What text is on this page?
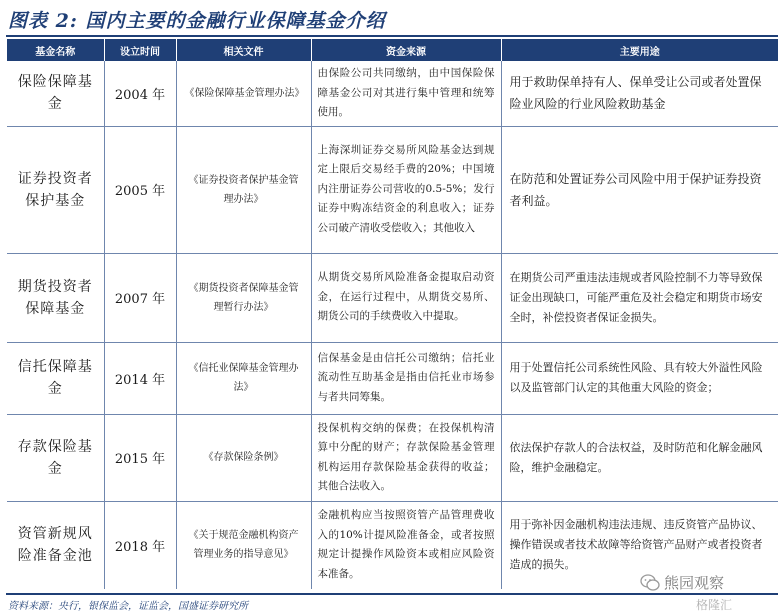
图表 2: 国内主要的金融行业保障基金介绍
基金名称	设立时间	相关文件	资金来源	主要用途
保险保障基金	2004 年	《保险保障基金管理办法》	由保险公司共同缴纳，由中国保险保障基金公司对其进行集中管理和统筹使用。	用于救助保单持有人、保单受让公司或者处置保险业风险的行业风险救助基金
证券投资者保护基金	2005 年	《证券投资者保护基金管理办法》	上海深圳证券交易所风险基金达到规定上限后交易经手费的20%；中国境内注册证券公司营收的0.5-5%；发行证券中购冻结资金的利息收入；证券公司破产清收受偿收入；其他收入	在防范和处置证券公司风险中用于保护证券投资者利益。
期货投资者保障基金	2007 年	《期货投资者保障基金管理暂行办法》	从期货交易所风险准备金提取启动资金，在运行过程中，从期货交易所、期货公司的手续费收入中提取。	在期货公司严重违法违规或者风险控制不力等导致保证金出现缺口，可能严重危及社会稳定和期货市场安全时，补偿投资者保证金损失。
信托保障基金	2014 年	《信托业保障基金管理办法》	信保基金是由信托公司缴纳；信托业流动性互助基金是指由信托业市场参与者共同筹集。	用于处置信托公司系统性风险、具有较大外溢性风险以及监管部门认定的其他重大风险的资金；
存款保险基金	2015 年	《存款保险条例》	投保机构交纳的保费；在投保机构清算中分配的财产；存款保险基金管理机构运用存款保险基金获得的收益；其他合法收入。	依法保护存款人的合法权益，及时防范和化解金融风险，维护金融稳定。
资管新规风险准备金池	2018 年	《关于规范金融机构资产管理业务的指导意见》	金融机构应当按照资管产品管理费收入的10%计提风险准备金，或者按照规定计提操作风险资本或相应风险资本准备。	用于弥补因金融机构违法违规、违反资管产品协议、操作错误或者技术故障等给资管产品财产或者投资者造成的损失。
熊园观察
格隆汇
资料来源：央行，银保监会，证监会，国盛证券研究所
